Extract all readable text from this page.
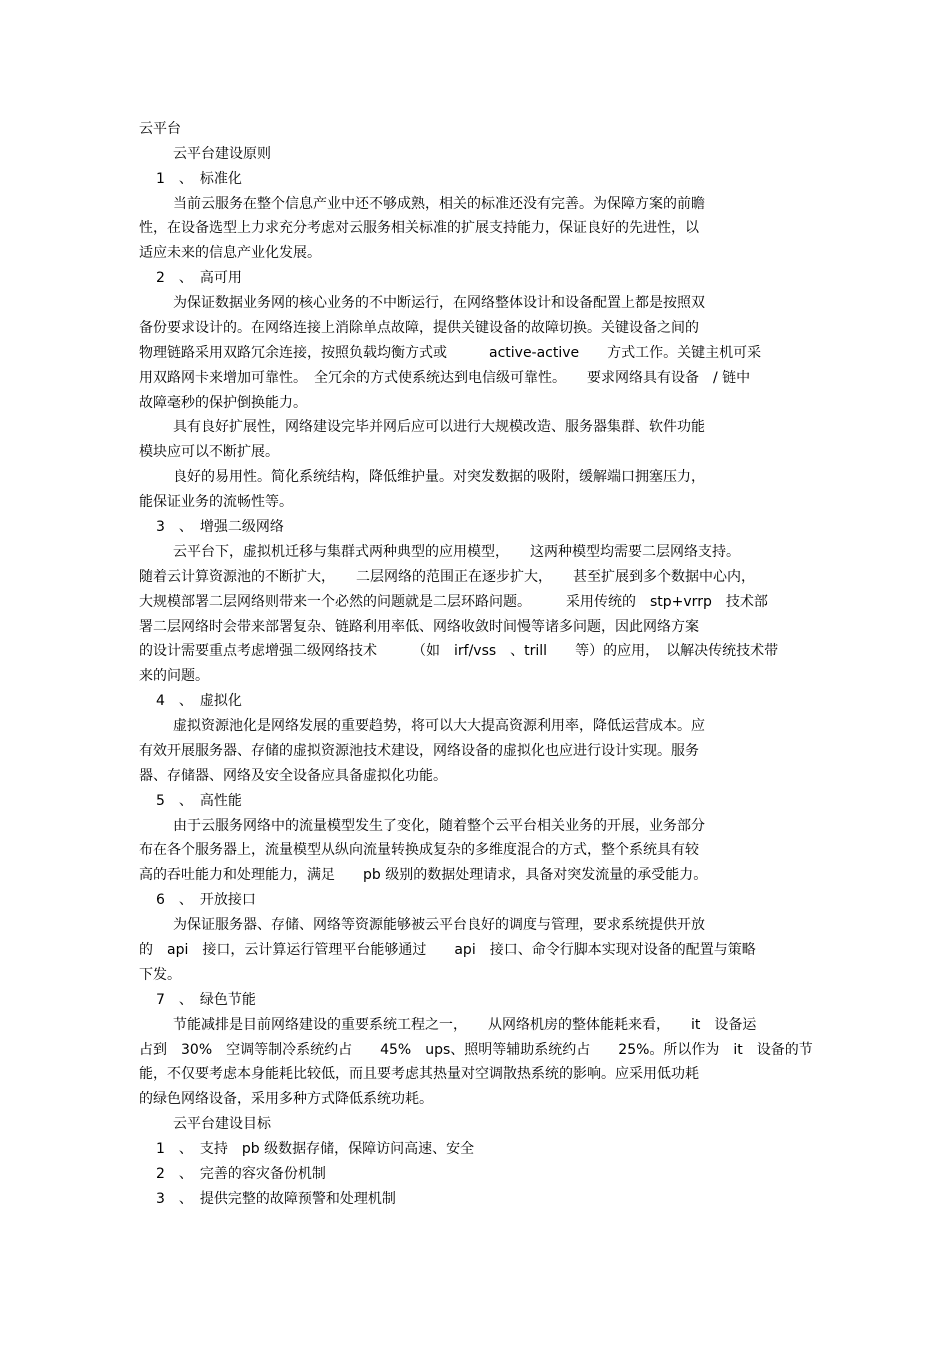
云平台

云平台建设原则

1　、　标准化

当前云服务在整个信息产业中还不够成熟，相关的标准还没有完善。为保障方案的前瞻

性，在设备选型上力求充分考虑对云服务相关标准的扩展支持能力，保证良好的先进性，以

适应未来的信息产业化发展。

2　、　高可用

为保证数据业务网的核心业务的不中断运行，在网络整体设计和设备配置上都是按照双

备份要求设计的。在网络连接上消除单点故障，提供关键设备的故障切换。关键设备之间的

物理链路采用双路冗余连接，按照负载均衡方式或　　　active-active　　方式工作。关键主机可采

用双路网卡来增加可靠性。　全冗余的方式使系统达到电信级可靠性。　　要求网络具有设备　/ 链中

故障毫秒的保护倒换能力。

具有良好扩展性，网络建设完毕并网后应可以进行大规模改造、服务器集群、软件功能

模块应可以不断扩展。

良好的易用性。简化系统结构，降低维护量。对突发数据的吸附，缓解端口拥塞压力，

能保证业务的流畅性等。

3　、　增强二级网络

云平台下，虚拟机迁移与集群式两种典型的应用模型，　　这两种模型均需要二层网络支持。

随着云计算资源池的不断扩大，　　二层网络的范围正在逐步扩大，　　甚至扩展到多个数据中心内，

大规模部署二层网络则带来一个必然的问题就是二层环路问题。　　　采用传统的　stp+vrrp　技术部

署二层网络时会带来部署复杂、链路利用率低、网络收敛时间慢等诸多问题，因此网络方案

的设计需要重点考虑增强二级网络技术　　　（如　irf/vss　、trill　　等）的应用，　以解决传统技术带

来的问题。

4　、　虚拟化

虚拟资源池化是网络发展的重要趋势，将可以大大提高资源利用率，降低运营成本。应

有效开展服务器、存储的虚拟资源池技术建设，网络设备的虚拟化也应进行设计实现。服务

器、存储器、网络及安全设备应具备虚拟化功能。

5　、　高性能

由于云服务网络中的流量模型发生了变化，随着整个云平台相关业务的开展，业务部分

布在各个服务器上，流量模型从纵向流量转换成复杂的多维度混合的方式，整个系统具有较

高的吞吐能力和处理能力，满足　　pb 级别的数据处理请求，具备对突发流量的承受能力。

6　、　开放接口

为保证服务器、存储、网络等资源能够被云平台良好的调度与管理，要求系统提供开放

的　api　接口，云计算运行管理平台能够通过　　api　接口、命令行脚本实现对设备的配置与策略

下发。

7　、　绿色节能

节能减排是目前网络建设的重要系统工程之一，　　从网络机房的整体能耗来看，　　it　设备运

占到　30%　空调等制冷系统约占　　45%　ups、照明等辅助系统约占　　25%。所以作为　it　设备的节

能，不仅要考虑本身能耗比较低，而且要考虑其热量对空调散热系统的影响。应采用低功耗

的绿色网络设备，采用多种方式降低系统功耗。

云平台建设目标

1　、　支持　pb 级数据存储，保障访问高速、安全

2　、　完善的容灾备份机制

3　、　提供完整的故障预警和处理机制
